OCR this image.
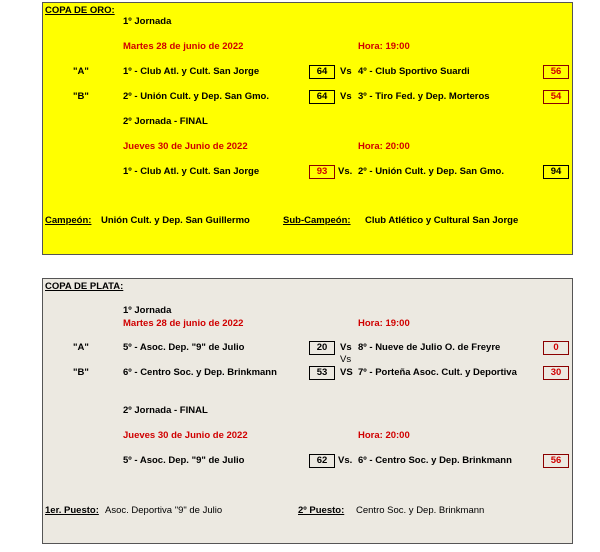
COPA DE ORO:
1º Jornada
Martes 28 de junio de 2022	Hora: 19:00
"A"	1º - Club Atl. y Cult. San Jorge	64	Vs 4º - Club Sportivo Suardi	56
"B"	2º - Unión Cult. y Dep. San Gmo.	64	Vs 3º - Tiro Fed. y Dep. Morteros	54
2º Jornada - FINAL
Jueves 30 de Junio de 2022	Hora: 20:00
1º - Club Atl. y Cult. San Jorge	93	Vs. 2º - Unión Cult. y Dep. San Gmo.	94
Campeón: Unión Cult. y Dep. San Guillermo	Sub-Campeón: Club Atlético y Cultural San Jorge
COPA DE PLATA:
1º Jornada
Martes 28 de junio de 2022	Hora: 19:00
"A"	5º - Asoc. Dep. "9" de Julio	20	Vs 8º - Nueve de Julio O. de Freyre	0
Vs
"B"	6º - Centro Soc. y Dep. Brinkmann	53	VS 7º - Porteña Asoc. Cult. y Deportiva	30
2º Jornada - FINAL
Jueves 30 de Junio de 2022	Hora: 20:00
5º - Asoc. Dep. "9" de Julio	62	Vs. 6º - Centro Soc. y Dep. Brinkmann	56
1er. Puesto: Asoc. Deportiva "9" de Julio	2º Puesto: Centro Soc. y Dep. Brinkmann
